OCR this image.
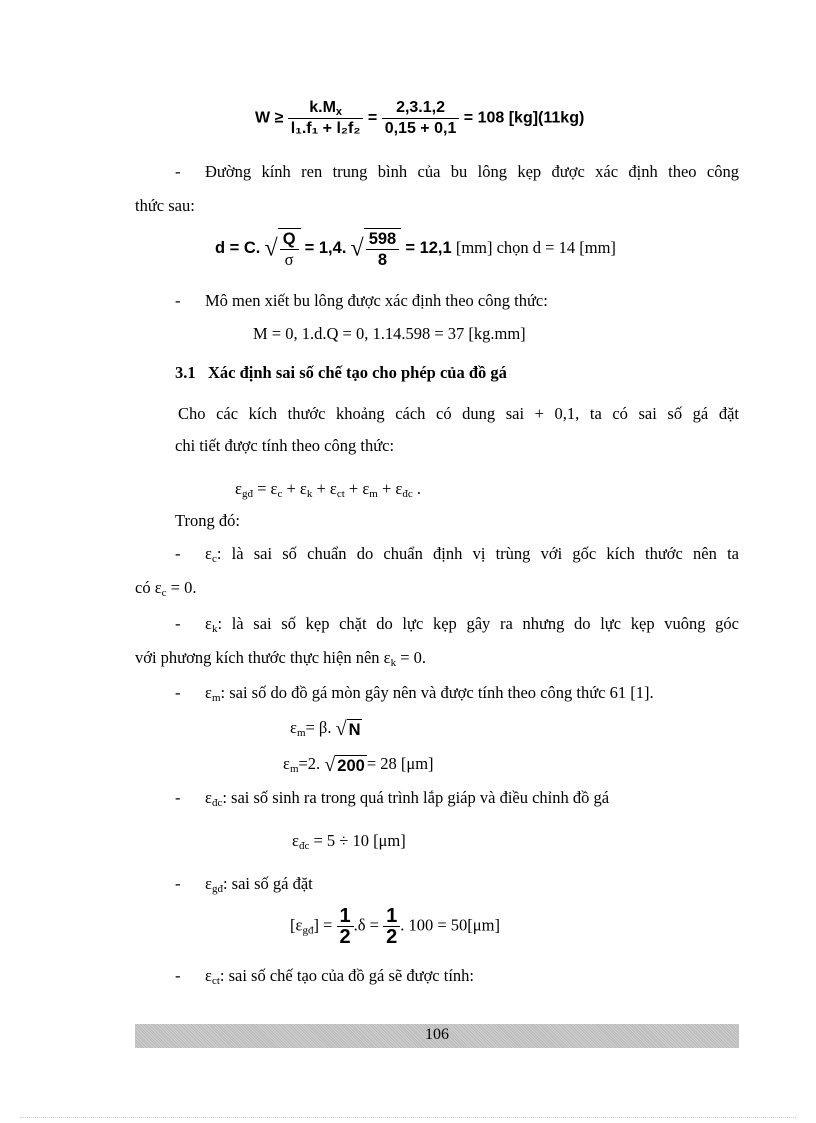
$W \ge \frac{k.M_x}{\text{l₁.f₁ + l₂f₂}} = \frac{2,3.1,2}{0,15 + 0,1} = 108$ [kg](11kg)
- Đường kính ren trung bình của bu lông kẹp được xác định theo công
thức sau:
d = C. √ $\frac{Q}{\sigma} = 1,4$. √ $\frac{598}{8} = 12,1$ [mm] chọn d = 14 [mm]
- Mô men xiết bu lông được xác định theo công thức:
M = 0, 1.d.Q = 0, 1.14.598 = 37 [kg.mm]
3.1 Xác định sai số chế tạo cho phép của đồ gá
Cho các kích thước khoảng cách có dung sai + 0,1, ta có sai số gá đặt
chi tiết được tính theo công thức:
$\varepsilon_{gđ} = \varepsilon_c + \varepsilon_k + \varepsilon_{ct} + \varepsilon_m + \varepsilon_{đc}$ .
Trong đó:
- $\varepsilon_c$: là sai số chuẩn do chuẩn định vị trùng với gốc kích thước nên ta
có $\varepsilon_c = 0$.
- $\varepsilon_k$: là sai số kẹp chặt do lực kẹp gây ra nhưng do lực kẹp vuông góc
với phương kích thước thực hiện nên $\varepsilon_k = 0$.
- $\varepsilon_m$: sai số do đồ gá mòn gây nên và được tính theo công thức 61 [1].
$\varepsilon_m= \beta$. √ N
$\varepsilon_m=2$. √ 200 = 28 [μm]
- $\varepsilon_{đc}$: sai số sinh ra trong quá trình lắp giáp và điều chỉnh đồ gá
$\varepsilon_{đc} = 5 \div 10$ [μm]
- $\varepsilon_{gđ}$: sai số gá đặt
$[\varepsilon_{gđ}] = \frac{1}{2} .\delta = \frac{1}{2}$ . 100 = 50[μm]
- $\varepsilon_{ct}$: sai số chế tạo của đồ gá sẽ được tính:
106
